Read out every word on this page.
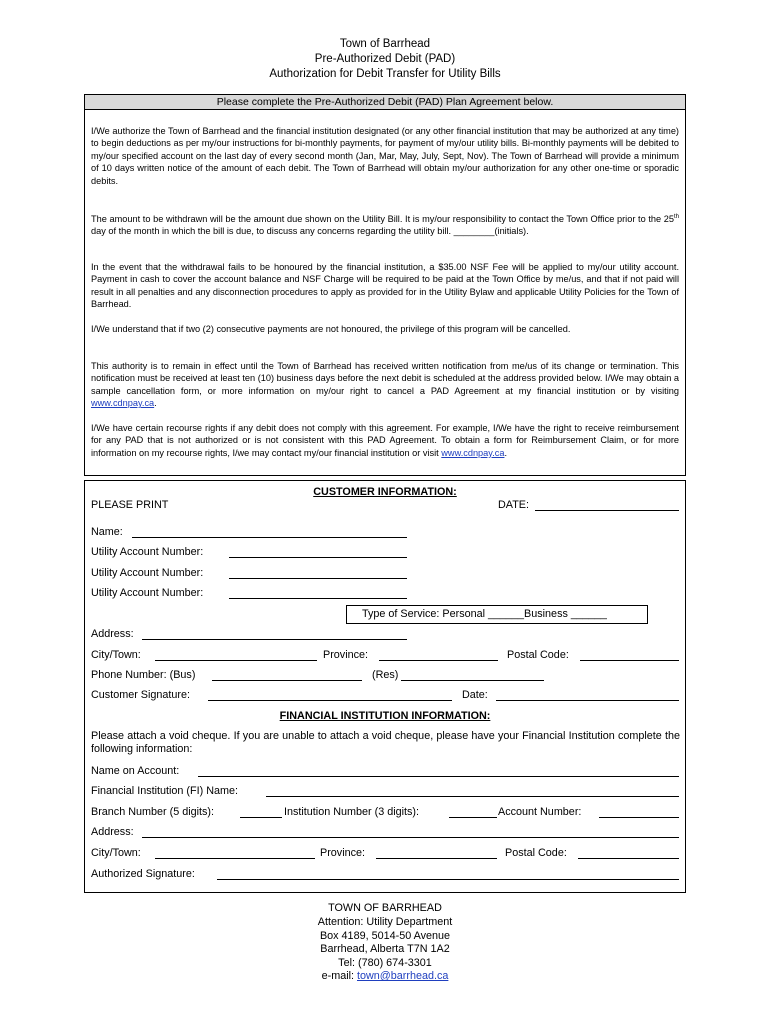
Town of Barrhead
Pre-Authorized Debit (PAD)
Authorization for Debit Transfer for Utility Bills
Please complete the Pre-Authorized Debit (PAD) Plan Agreement below.
I/We authorize the Town of Barrhead and the financial institution designated (or any other financial institution that may be authorized at any time) to begin deductions as per my/our instructions for bi-monthly payments, for payment of my/our utility bills. Bi-monthly payments will be debited to my/our specified account on the last day of every second month (Jan, Mar, May, July, Sept, Nov). The Town of Barrhead will provide a minimum of 10 days written notice of the amount of each debit. The Town of Barrhead will obtain my/our authorization for any other one-time or sporadic debits.
The amount to be withdrawn will be the amount due shown on the Utility Bill. It is my/our responsibility to contact the Town Office prior to the 25th day of the month in which the bill is due, to discuss any concerns regarding the utility bill. ________(initials).
In the event that the withdrawal fails to be honoured by the financial institution, a $35.00 NSF Fee will be applied to my/our utility account. Payment in cash to cover the account balance and NSF Charge will be required to be paid at the Town Office by me/us, and that if not paid will result in all penalties and any disconnection procedures to apply as provided for in the Utility Bylaw and applicable Utility Policies for the Town of Barrhead.
I/We understand that if two (2) consecutive payments are not honoured, the privilege of this program will be cancelled.
This authority is to remain in effect until the Town of Barrhead has received written notification from me/us of its change or termination. This notification must be received at least ten (10) business days before the next debit is scheduled at the address provided below. I/We may obtain a sample cancellation form, or more information on my/our right to cancel a PAD Agreement at my financial institution or by visiting www.cdnpay.ca.
I/We have certain recourse rights if any debit does not comply with this agreement. For example, I/We have the right to receive reimbursement for any PAD that is not authorized or is not consistent with this PAD Agreement. To obtain a form for Reimbursement Claim, or for more information on my recourse rights, I/we may contact my/our financial institution or visit www.cdnpay.ca.
CUSTOMER INFORMATION:
PLEASE PRINT	DATE:
Name:
Utility Account Number:
Utility Account Number:
Utility Account Number:
Type of Service: Personal ______Business ______
Address:
City/Town:	Province:	Postal Code:
Phone Number: (Bus)	(Res)
Customer Signature:	Date:
FINANCIAL INSTITUTION INFORMATION:
Please attach a void cheque. If you are unable to attach a void cheque, please have your Financial Institution complete the following information:
Name on Account:
Financial Institution (FI) Name:
Branch Number (5 digits):	Institution Number (3 digits):	Account Number:
Address:
City/Town:	Province:	Postal Code:
Authorized Signature:
TOWN OF BARRHEAD
Attention: Utility Department
Box 4189, 5014-50 Avenue
Barrhead, Alberta T7N 1A2
Tel: (780) 674-3301
e-mail: town@barrhead.ca
